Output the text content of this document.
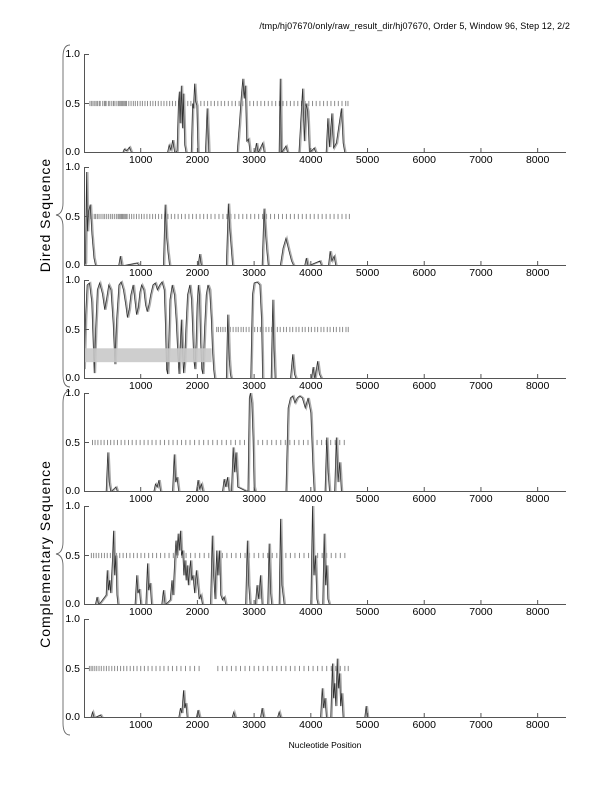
/tmp/hj07670/only/raw_result_dir/hj07670, Order 5, Window 96, Step 12, 2/2
Dired Sequence
Complementary Sequence
1.0
0.5
0.0
1000	2000	3000	4000	5000	6000	7000	8000
1.0
0.5
0.0
1000	2000	3000	4000	5000	6000	7000	8000
1.0
0.5
0.0
1000	2000	3000	4000	5000	6000	7000	8000
1.0
0.5
0.0
1000	2000	3000	4000	5000	6000	7000	8000
1.0
0.5
0.0
1000	2000	3000	4000	5000	6000	7000	8000
1.0
0.5
0.0
1000	2000	3000	4000	5000	6000	7000	8000
Nucleotide Position
